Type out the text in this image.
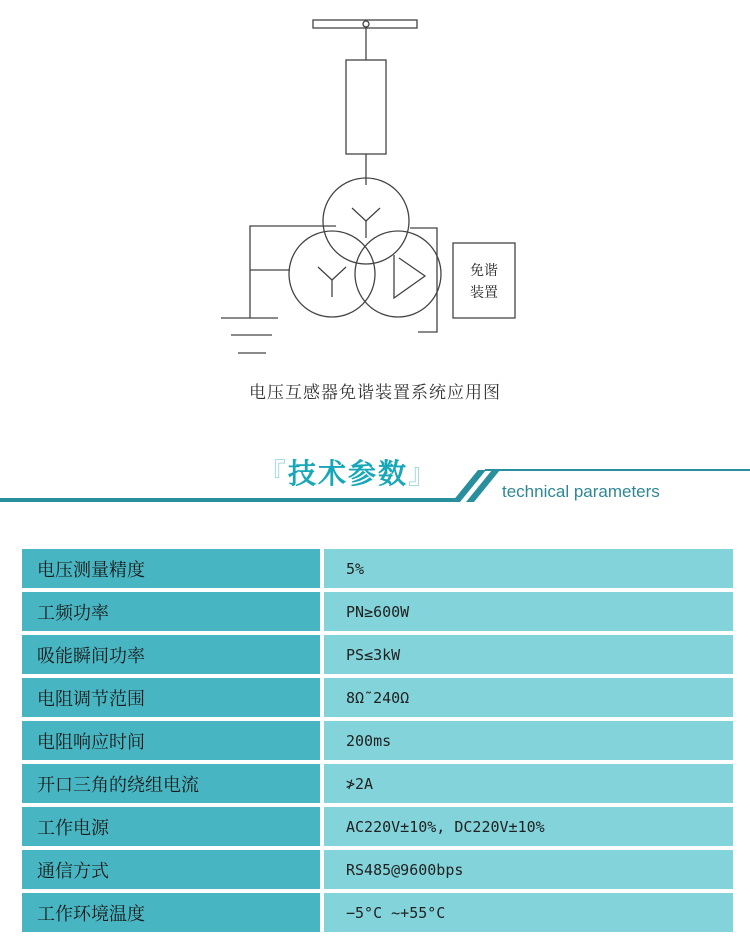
免谐
装置
电压互感器免谐装置系统应用图
『技术参数』
technical parameters
电压测量精度	5%
工频功率	PN≥600W
吸能瞬间功率	PS≤3kW
电阻调节范围	8Ω˜240Ω
电阻响应时间	200ms
开口三角的绕组电流	≯2A
工作电源	AC220V±10%, DC220V±10%
通信方式	RS485@9600bps
工作环境温度	−5°C ~+55°C
